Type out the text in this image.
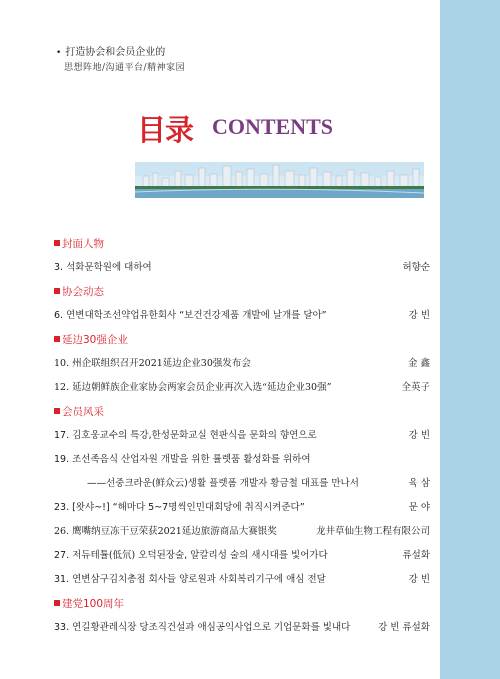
• 打造协会和会员企业的
思想阵地/沟通平台/精神家园
目录 CONTENTS
封面人物
3. 석화문학원에 대하여	허향순
协会动态
6. 연변대학조선약업유한회사 “보건건강제품 개발에 날개를 달아”	강 빈
延边30强企业
10. 州企联组织召开2021延边企业30强发布会	金 鑫
12. 延边朝鲜族企业家协会两家会员企业再次入选“延边企业30强”	全英子
会员风采
17. 김호웅교수의 특강,한성문화교실 현판식을 문화의 향연으로	강 빈
19. 조선족음식 산업자원 개발을 위한 률렛품 활성화를 위하여
——선중크라운(鲜众云)생활 플렛폼 개발자 황금철 대표를 만나서	육 삼
23. [왓샤~!] “해마다 5~7명씩인민대회당에 취직시켜준다”	문 야
26. 鹰嘴纳豆冻干豆荣获2021延边旅游商品大赛银奖	龙井草仙生物工程有限公司
27. 저듀테튤(低氘) 오덕된장술, 알칼리성 술의 새시대를 빛어가다	류설화
31. 연변삼구김치총점 회사들 양로원과 사회복리기구에 애심 전달	강 빈
建党100周年
33. 연길황관레식장 당조직건설과 애심공익사업으로 기업문화를 빛내다	강 빈 류설화
